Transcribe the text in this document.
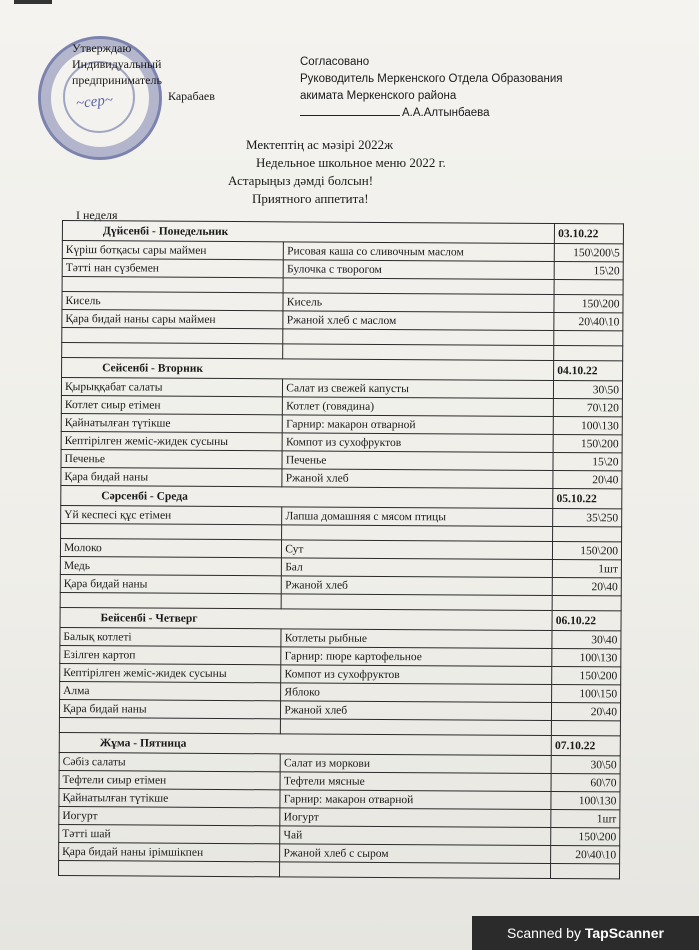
~cep~
Утверждаю
Индивидуальный
предприниматель
Карабаев
Согласовано
Руководитель Меркенского Отдела Образования
акимата Меркенского района
А.А.Алтынбаева
Мектептің ас мәзірі 2022ж
Недельное школьное меню 2022 г.
Астарыңыз дәмді болсын!
Приятного аппетита!
I неделя
Дүйсенбі - Понедельник		03.10.22
Күріш ботқасы сары маймен	Рисовая каша со сливочным маслом	150\200\5
Тәтті нан сүзбемен	Булочка с творогом	15\20

Кисель	Кисель	150\200
Қара бидай наны сары маймен	Ржаной хлеб с маслом	20\40\10

Сейсенбі - Вторник		04.10.22
Қырыққабат салаты	Салат из свежей капусты	30\50
Котлет сиыр етімен	Котлет (говядина)	70\120
Қайнатылған түтікше	Гарнир: макарон отварной	100\130
Кептірілген жеміс-жидек сусыны	Компот из сухофруктов	150\200
Печенье	Печенье	15\20
Қара бидай наны	Ржаной хлеб	20\40
Сәрсенбі - Среда		05.10.22
Үй кеспесі құс етімен	Лапша домашняя с мясом птицы	35\250

Молоко	Сут	150\200
Медь	Бал	1шт
Қара бидай наны	Ржаной хлеб	20\40

Бейсенбі - Четверг		06.10.22
Балық котлеті	Котлеты рыбные	30\40
Езілген картоп	Гарнир: пюре картофельное	100\130
Кептірілген жеміс-жидек сусыны	Компот из сухофруктов	150\200
Алма	Яблоко	100\150
Қара бидай наны	Ржаной хлеб	20\40

Жұма - Пятница		07.10.22
Сәбіз салаты	Салат из моркови	30\50
Тефтели сиыр етімен	Тефтели мясные	60\70
Қайнатылған түтікше	Гарнир: макарон отварной	100\130
Иогурт	Иогурт	1шт
Тәтті шай	Чай	150\200
Қара бидай наны ірімшікпен	Ржаной хлеб с сыром	20\40\10

Scanned by TapScanner
